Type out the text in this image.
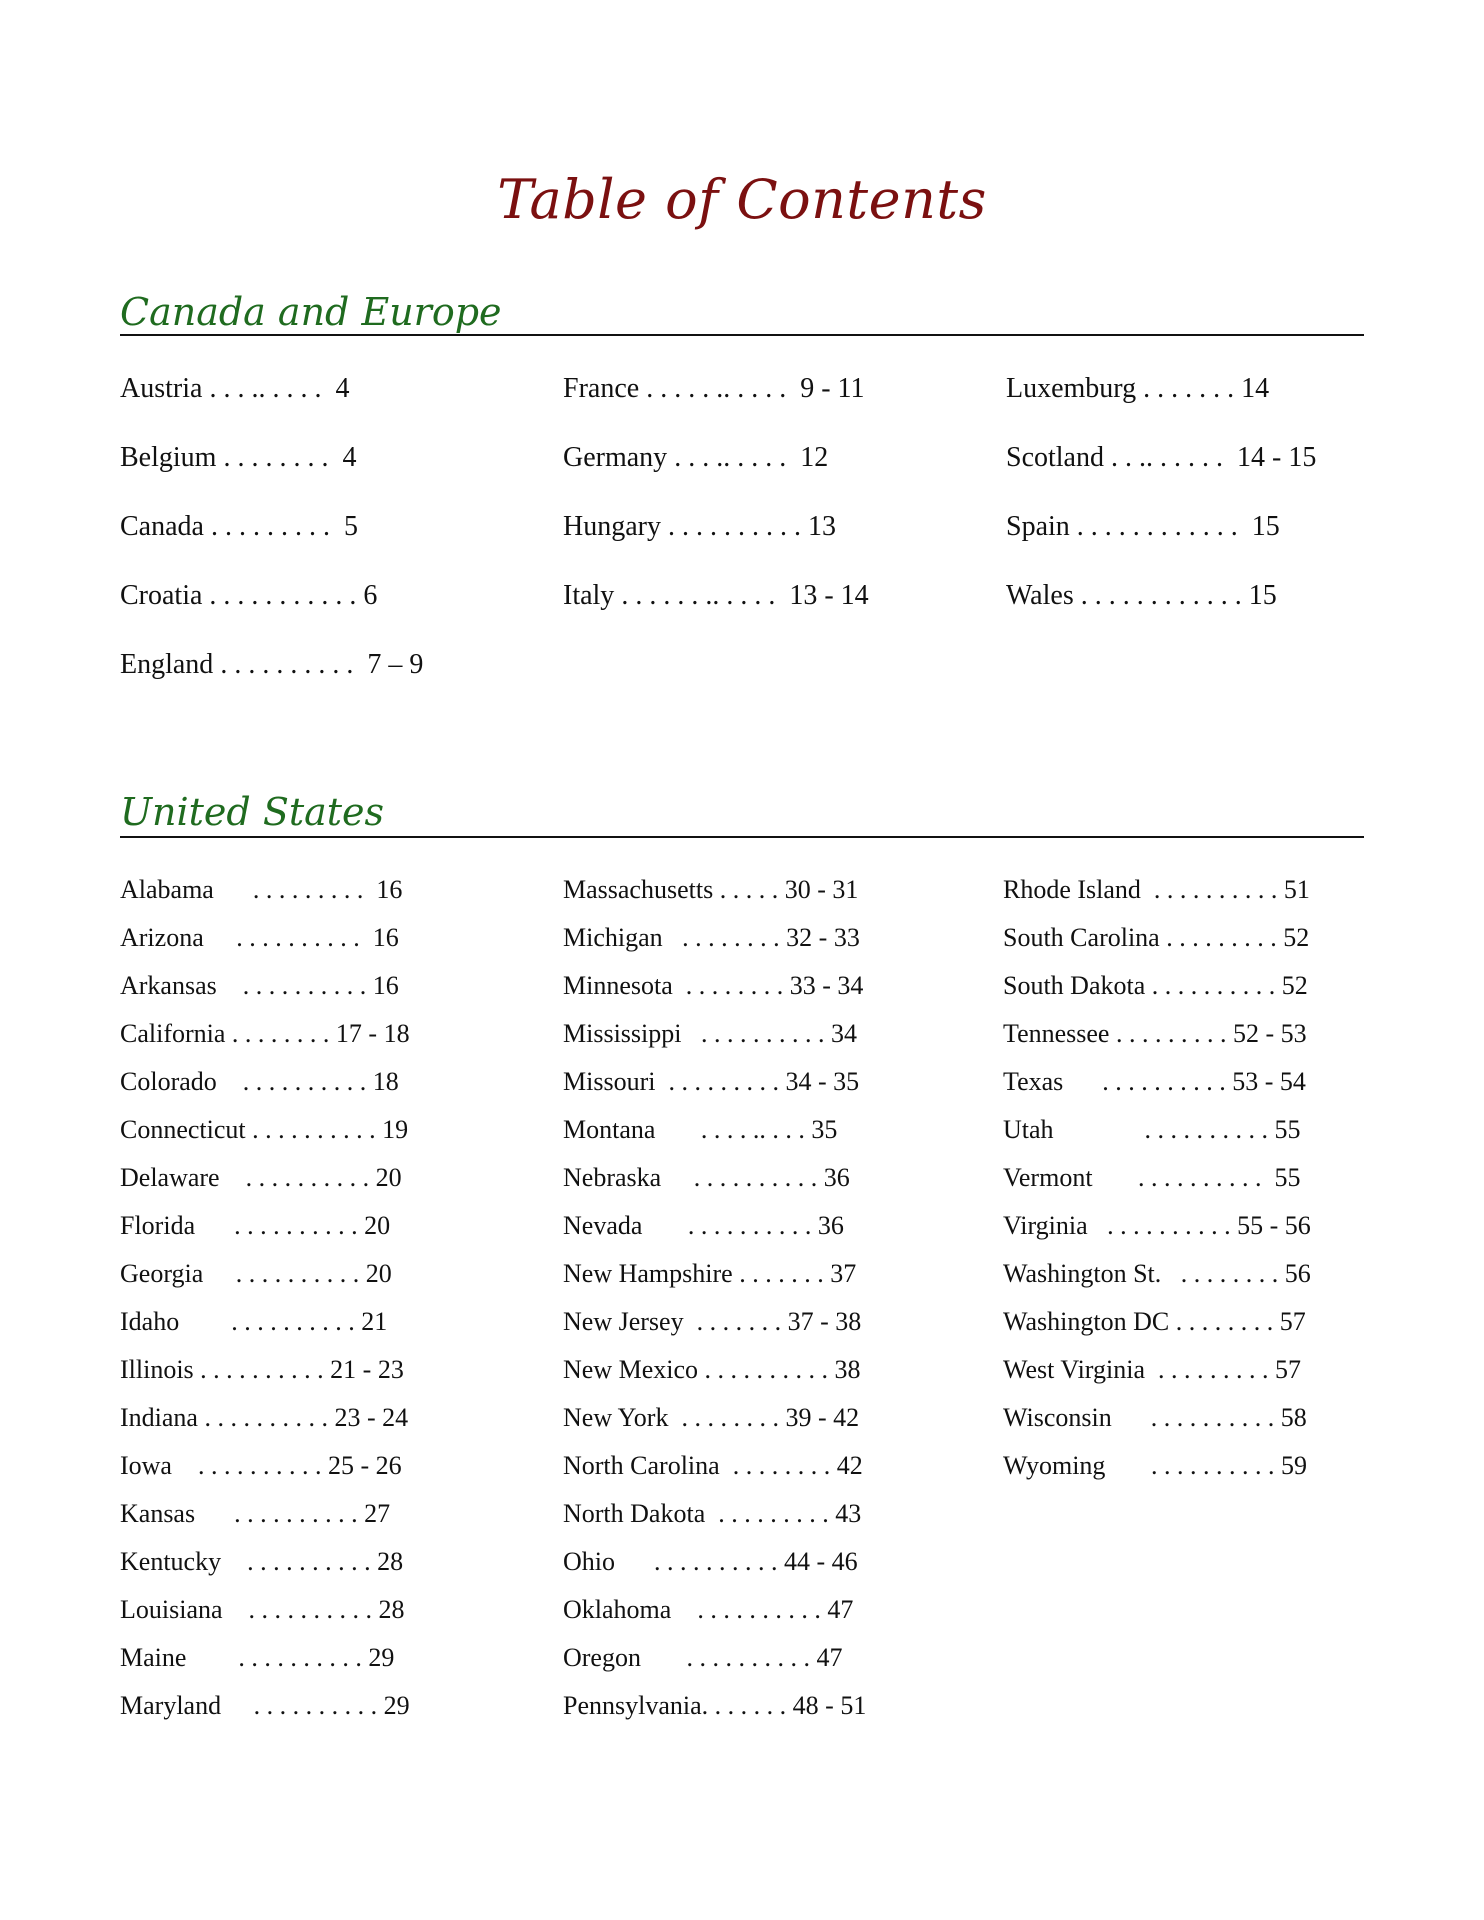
Table of Contents
Canada and Europe
United States
Austria . . . .. . . . .  4
Belgium . . . . . . . .  4
Canada . . . . . . . . .  5
Croatia . . . . . . . . . . . 6
England . . . . . . . . . .  7 – 9
France . . . . . .. . . . .  9 - 11
Germany . . . .. . . . .  12
Hungary . . . . . . . . . . 13
Italy . . . . . . .. . . . .  13 - 14
Luxemburg . . . . . . . 14
Scotland . . .. . . . . .  14 - 15
Spain . . . . . . . . . . . .  15
Wales . . . . . . . . . . . . 15
Alabama      . . . . . . . . .  16
Arizona     . . . . . . . . . .  16
Arkansas    . . . . . . . . . . 16
California . . . . . . . . 17 - 18
Colorado    . . . . . . . . . . 18
Connecticut . . . . . . . . . . 19
Delaware    . . . . . . . . . . 20
Florida      . . . . . . . . . . 20
Georgia     . . . . . . . . . . 20
Idaho        . . . . . . . . . . 21
Illinois . . . . . . . . . . 21 - 23
Indiana . . . . . . . . . . 23 - 24
Iowa    . . . . . . . . . . 25 - 26
Kansas      . . . . . . . . . . 27
Kentucky    . . . . . . . . . . 28
Louisiana    . . . . . . . . . . 28
Maine        . . . . . . . . . . 29
Maryland     . . . . . . . . . . 29
Massachusetts . . . . . 30 - 31
Michigan   . . . . . . . . 32 - 33
Minnesota  . . . . . . . . 33 - 34
Mississippi   . . . . . . . . . . 34
Missouri  . . . . . . . . . 34 - 35
Montana       . . . . .. . . . 35
Nebraska     . . . . . . . . . . 36
Nevada       . . . . . . . . . . 36
New Hampshire . . . . . . . 37
New Jersey  . . . . . . . 37 - 38
New Mexico . . . . . . . . . . 38
New York  . . . . . . . . 39 - 42
North Carolina  . . . . . . . . 42
North Dakota  . . . . . . . . . 43
Ohio      . . . . . . . . . . 44 - 46
Oklahoma    . . . . . . . . . . 47
Oregon       . . . . . . . . . . 47
Pennsylvania. . . . . . . 48 - 51
Rhode Island  . . . . . . . . . . 51
South Carolina . . . . . . . . . 52
South Dakota . . . . . . . . . . 52
Tennessee . . . . . . . . . 52 - 53
Texas      . . . . . . . . . . 53 - 54
Utah              . . . . . . . . . . 55
Vermont       . . . . . . . . . .  55
Virginia   . . . . . . . . . . 55 - 56
Washington St.   . . . . . . . . 56
Washington DC . . . . . . . . 57
West Virginia  . . . . . . . . . 57
Wisconsin      . . . . . . . . . . 58
Wyoming       . . . . . . . . . . 59
